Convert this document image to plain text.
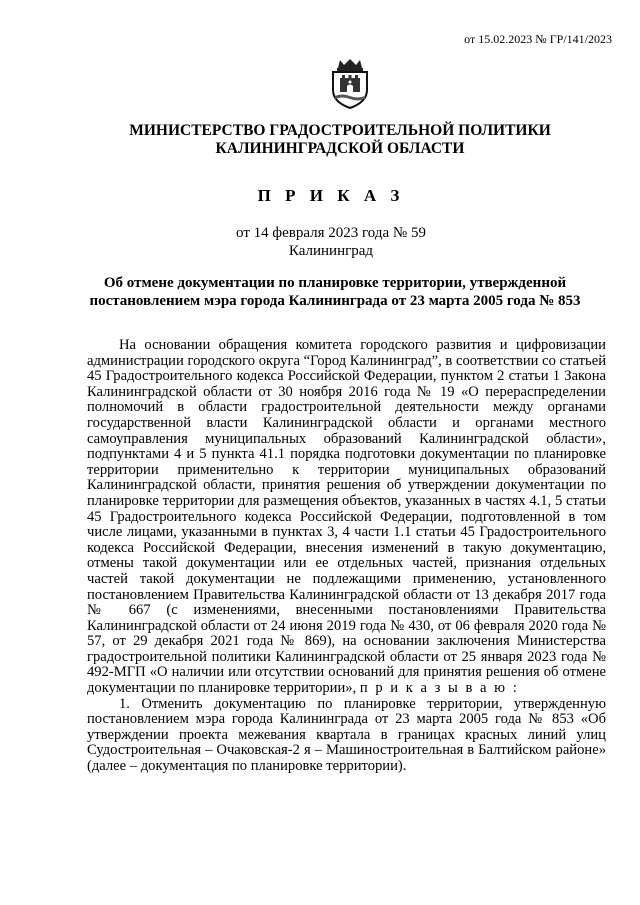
от 15.02.2023 № ГР/141/2023
МИНИСТЕРСТВО ГРАДОСТРОИТЕЛЬНОЙ ПОЛИТИКИ
КАЛИНИНГРАДСКОЙ ОБЛАСТИ
П Р И К А З
от 14 февраля 2023 года № 59
Калининград
Об отмене документации по планировке территории, утвержденной
постановлением мэра города Калининграда от 23 марта 2005 года № 853

На основании обращения комитета городского развития и цифровизации администрации городского округа “Город Калининград”, в соответствии со статьей 45 Градостроительного кодекса Российской Федерации, пунктом 2 статьи 1 Закона Калининградской области от 30 ноября 2016 года № 19 «О перераспределении полномочий в области градостроительной деятельности между органами государственной власти Калининградской области и органами местного самоуправления муниципальных образований Калининградской области», подпунктами 4 и 5 пункта 41.1 порядка подготовки документации по планировке территории применительно к территории муниципальных образований Калининградской области, принятия решения об утверждении документации по планировке территории для размещения объектов, указанных в частях 4.1, 5 статьи 45 Градостроительного кодекса Российской Федерации, подготовленной в том числе лицами, указанными в пунктах 3, 4 части 1.1 статьи 45 Градостроительного кодекса Российской Федерации, внесения изменений в такую документацию, отмены такой документации или ее отдельных частей, признания отдельных частей такой документации не подлежащими применению, установленного постановлением Правительства Калининградской области от 13 декабря 2017 года № 667 (с изменениями, внесенными постановлениями Правительства Калининградской области от 24 июня 2019 года № 430, от 06 февраля 2020 года № 57, от 29 декабря 2021 года № 869), на основании заключения Министерства градостроительной политики Калининградской области от 25 января 2023 года № 492-МГП «О наличии или отсутствии оснований для принятия решения об отмене документации по планировке территории», п р и к а з ы в а ю :

1. Отменить документацию по планировке территории, утвержденную постановлением мэра города Калининграда от 23 марта 2005 года № 853 «Об утверждении проекта межевания квартала в границах красных линий улиц Судостроительная – Очаковская-2 я – Машиностроительная в Балтийском районе» (далее – документация по планировке территории).
